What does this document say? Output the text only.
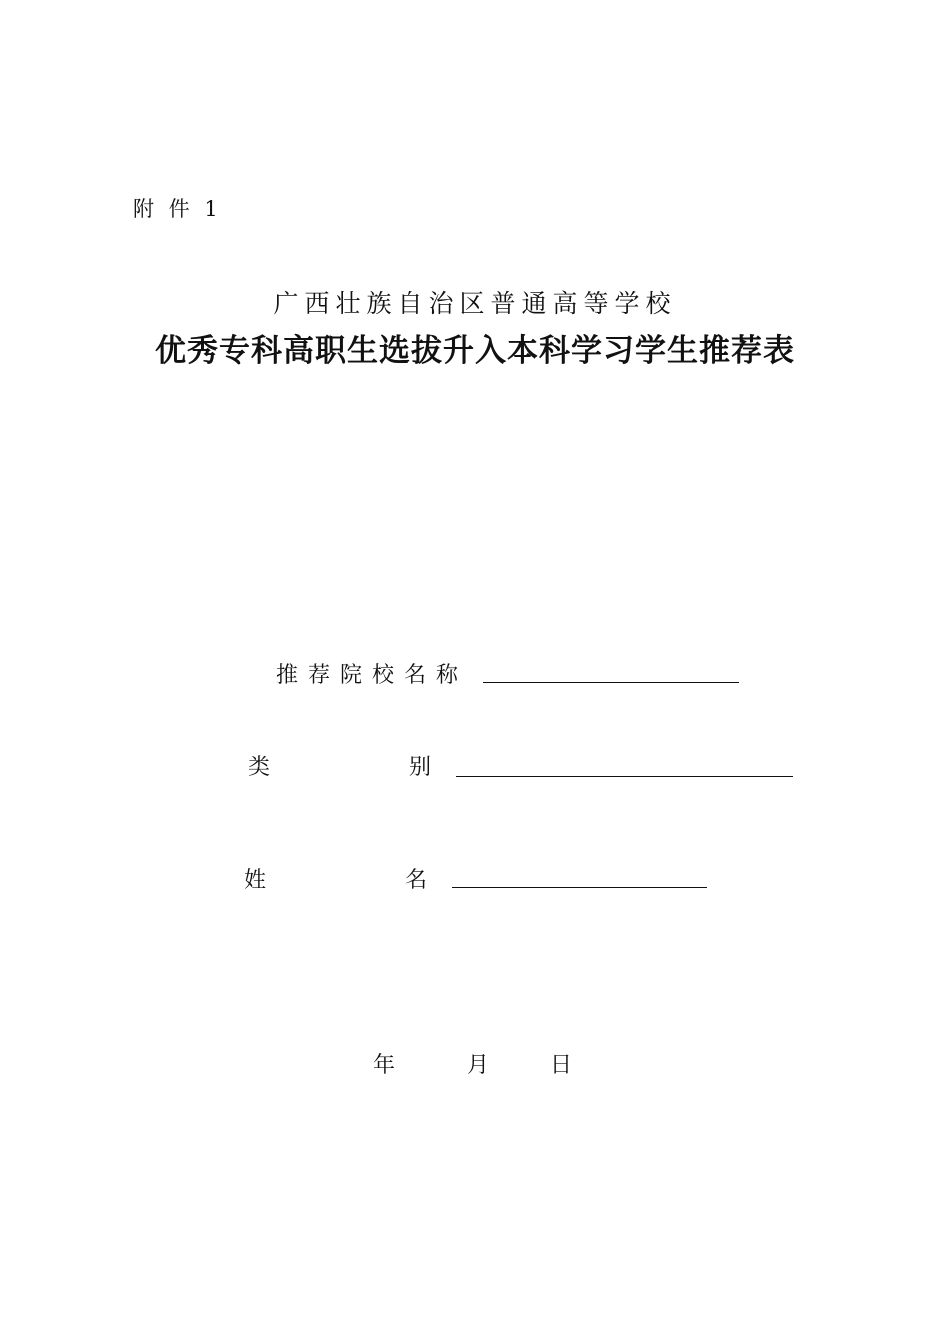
附 件 1
广西壮族自治区普通高等学校
优秀专科高职生选拔升入本科学习学生推荐表
推荐院校名称
类	别
姓	名
年	月	日
